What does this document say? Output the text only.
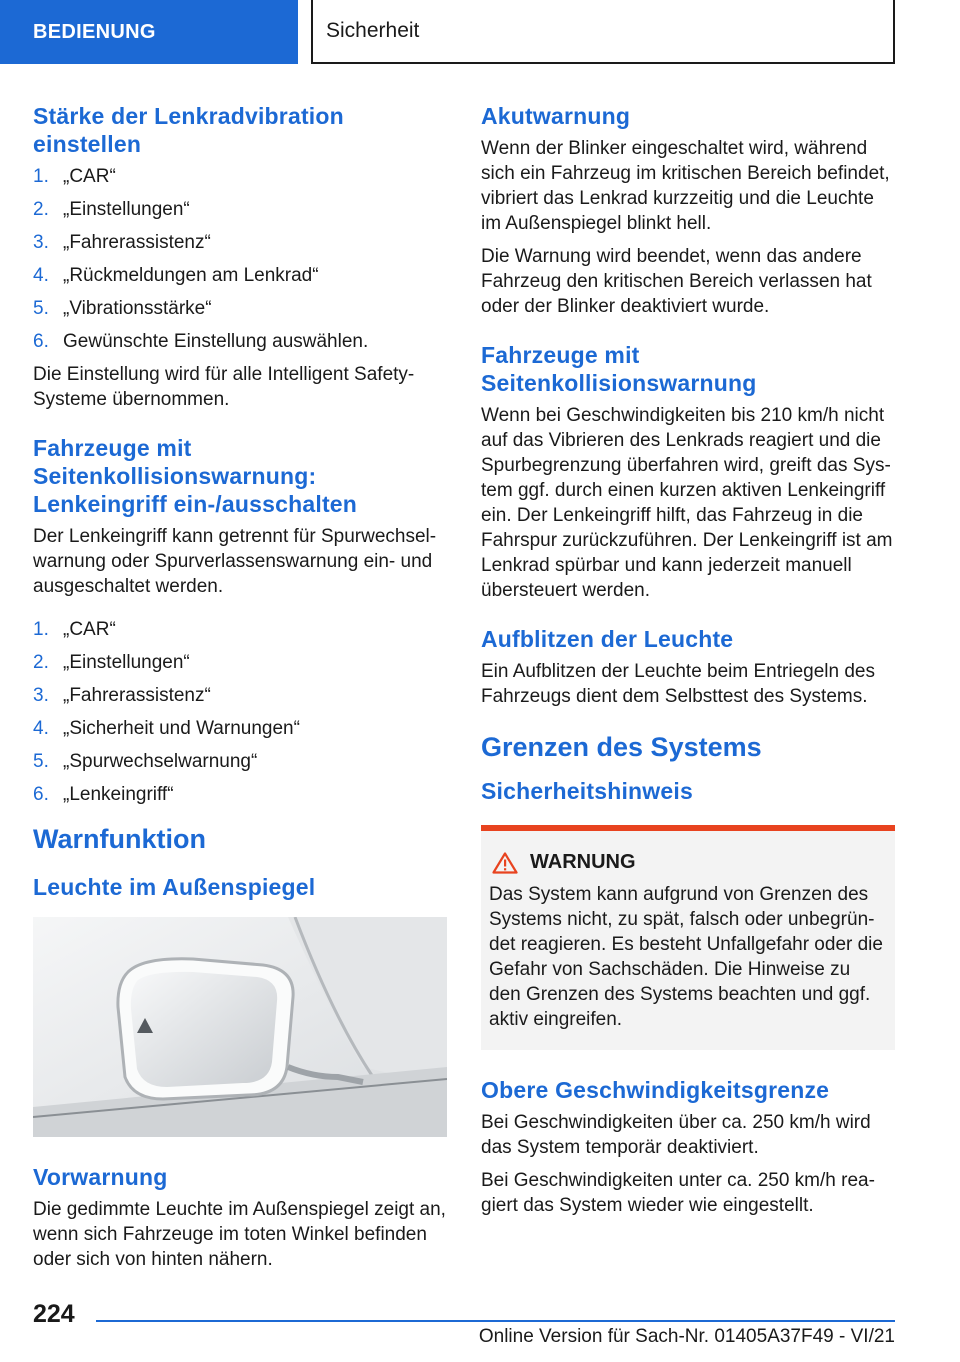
BEDIENUNG	Sicherheit
Stärke der Lenkradvibration einstellen
1. „CAR“
2. „Einstellungen“
3. „Fahrerassistenz“
4. „Rückmeldungen am Lenkrad“
5. „Vibrationsstärke“
6. Gewünschte Einstellung auswählen.

Die Einstellung wird für alle Intelligent Safety-Systeme übernommen.

Fahrzeuge mit Seitenkollisionswarnung: Lenkeingriff ein-/ausschalten

Der Lenkeingriff kann getrennt für Spurwechselwarnung oder Spurverlassenswarnung ein- und ausgeschaltet werden.

1. „CAR“
2. „Einstellungen“
3. „Fahrerassistenz“
4. „Sicherheit und Warnungen“
5. „Spurwechselwarnung“
6. „Lenkeingriff“
Warnfunktion
Leuchte im Außenspiegel
Vorwarnung

Die gedimmte Leuchte im Außenspiegel zeigt an, wenn sich Fahrzeuge im toten Winkel befinden oder sich von hinten nähern.

Akutwarnung

Wenn der Blinker eingeschaltet wird, während sich ein Fahrzeug im kritischen Bereich befindet, vibriert das Lenkrad kurzzeitig und die Leuchte im Außenspiegel blinkt hell.

Die Warnung wird beendet, wenn das andere Fahrzeug den kritischen Bereich verlassen hat oder der Blinker deaktiviert wurde.

Fahrzeuge mit Seitenkollisionswarnung

Wenn bei Geschwindigkeiten bis 210 km/h nicht auf das Vibrieren des Lenkrads reagiert und die Spurbegrenzung überfahren wird, greift das System ggf. durch einen kurzen aktiven Lenkeingriff ein. Der Lenkeingriff hilft, das Fahrzeug in die Fahrspur zurückzuführen. Der Lenkeingriff ist am Lenkrad spürbar und kann jederzeit manuell übersteuert werden.

Aufblitzen der Leuchte

Ein Aufblitzen der Leuchte beim Entriegeln des Fahrzeugs dient dem Selbsttest des Systems.

Grenzen des Systems
Sicherheitshinweis
WARNUNG

Das System kann aufgrund von Grenzen des Systems nicht, zu spät, falsch oder unbegründet reagieren. Es besteht Unfallgefahr oder die Gefahr von Sachschäden. Die Hinweise zu den Grenzen des Systems beachten und ggf. aktiv eingreifen.

Obere Geschwindigkeitsgrenze

Bei Geschwindigkeiten über ca. 250 km/h wird das System temporär deaktiviert.

Bei Geschwindigkeiten unter ca. 250 km/h reagiert das System wieder wie eingestellt.

224
Online Version für Sach-Nr. 01405A37F49 - VI/21
